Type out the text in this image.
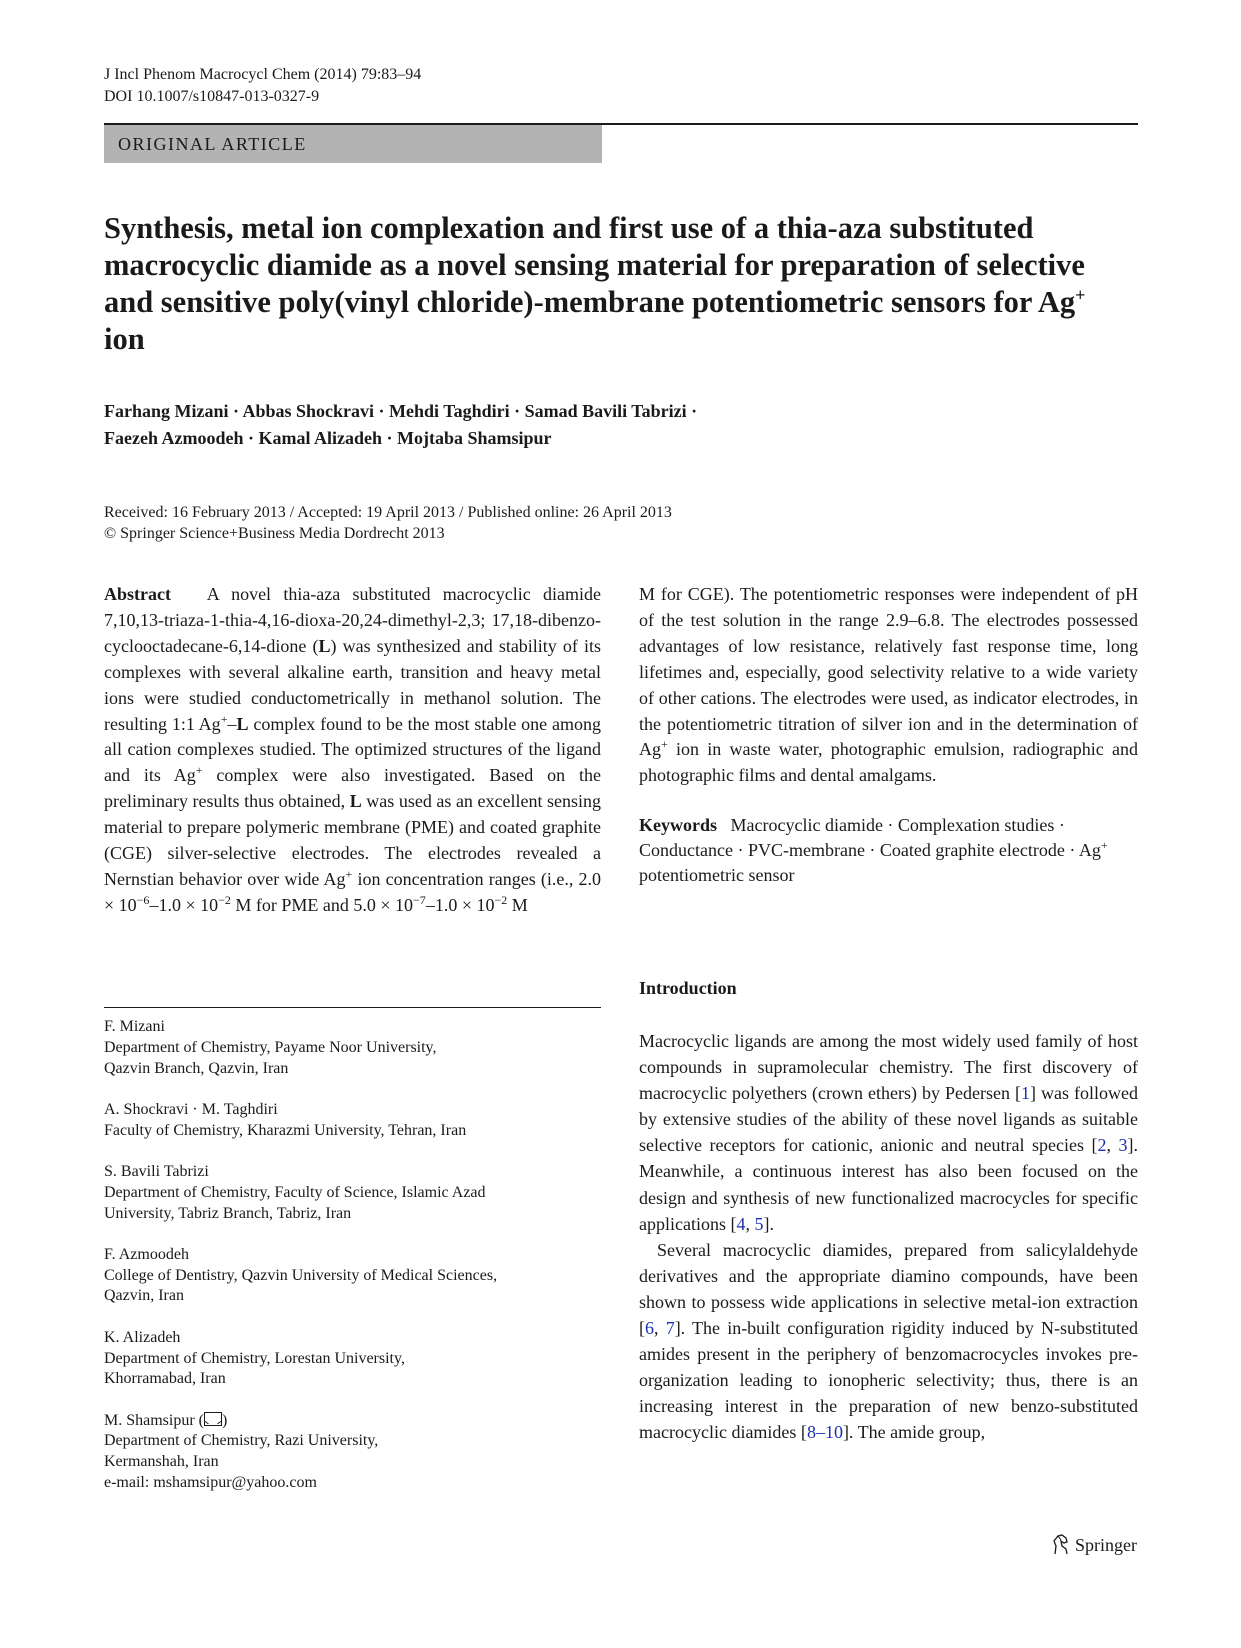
J Incl Phenom Macrocycl Chem (2014) 79:83–94
DOI 10.1007/s10847-013-0327-9
ORIGINAL ARTICLE
Synthesis, metal ion complexation and first use of a thia-aza substituted macrocyclic diamide as a novel sensing material for preparation of selective and sensitive poly(vinyl chloride)-membrane potentiometric sensors for Ag+ ion
Farhang Mizani · Abbas Shockravi · Mehdi Taghdiri · Samad Bavili Tabrizi ·
Faezeh Azmoodeh · Kamal Alizadeh · Mojtaba Shamsipur
Received: 16 February 2013 / Accepted: 19 April 2013 / Published online: 26 April 2013
© Springer Science+Business Media Dordrecht 2013
Abstract A novel thia-aza substituted macrocyclic diamide 7,10,13-triaza-1-thia-4,16-dioxa-20,24-dimethyl-2,3; 17,18-dibenzo-cyclooctadecane-6,14-dione (L) was synthesized and stability of its complexes with several alkaline earth, transition and heavy metal ions were studied conductometrically in methanol solution. The resulting 1:1 Ag+–L complex found to be the most stable one among all cation complexes studied. The optimized structures of the ligand and its Ag+ complex were also investigated. Based on the preliminary results thus obtained, L was used as an excellent sensing material to prepare polymeric membrane (PME) and coated graphite (CGE) silver-selective electrodes. The electrodes revealed a Nernstian behavior over wide Ag+ ion concentration ranges (i.e., $2.0 \times 10^{-6}-1.0 \times 10^{-2}$ M for PME and $5.0 \times 10^{-7}-1.0 \times 10^{-2}$ M
M for CGE). The potentiometric responses were independent of pH of the test solution in the range 2.9–6.8. The electrodes possessed advantages of low resistance, relatively fast response time, long lifetimes and, especially, good selectivity relative to a wide variety of other cations. The electrodes were used, as indicator electrodes, in the potentiometric titration of silver ion and in the determination of Ag+ ion in waste water, photographic emulsion, radiographic and photographic films and dental amalgams.
Keywords Macrocyclic diamide · Complexation studies · Conductance · PVC-membrane · Coated graphite electrode · Ag+ potentiometric sensor
Introduction

Macrocyclic ligands are among the most widely used family of host compounds in supramolecular chemistry. The first discovery of macrocyclic polyethers (crown ethers) by Pedersen [1] was followed by extensive studies of the ability of these novel ligands as suitable selective receptors for cationic, anionic and neutral species [2, 3]. Meanwhile, a continuous interest has also been focused on the design and synthesis of new functionalized macrocycles for specific applications [4, 5].

Several macrocyclic diamides, prepared from salicylaldehyde derivatives and the appropriate diamino compounds, have been shown to possess wide applications in selective metal-ion extraction [6, 7]. The in-built configuration rigidity induced by N-substituted amides present in the periphery of benzomacrocycles invokes pre-organization leading to ionopheric selectivity; thus, there is an increasing interest in the preparation of new benzo-substituted macrocyclic diamides [8–10]. The amide group,

F. Mizani
Department of Chemistry, Payame Noor University,
Qazvin Branch, Qazvin, Iran
A. Shockravi · M. Taghdiri
Faculty of Chemistry, Kharazmi University, Tehran, Iran
S. Bavili Tabrizi
Department of Chemistry, Faculty of Science, Islamic Azad
University, Tabriz Branch, Tabriz, Iran
F. Azmoodeh
College of Dentistry, Qazvin University of Medical Sciences,
Qazvin, Iran
K. Alizadeh
Department of Chemistry, Lorestan University,
Khorramabad, Iran
M. Shamsipur ( )
Department of Chemistry, Razi University,
Kermanshah, Iran
e-mail: mshamsipur@yahoo.com
Springer
